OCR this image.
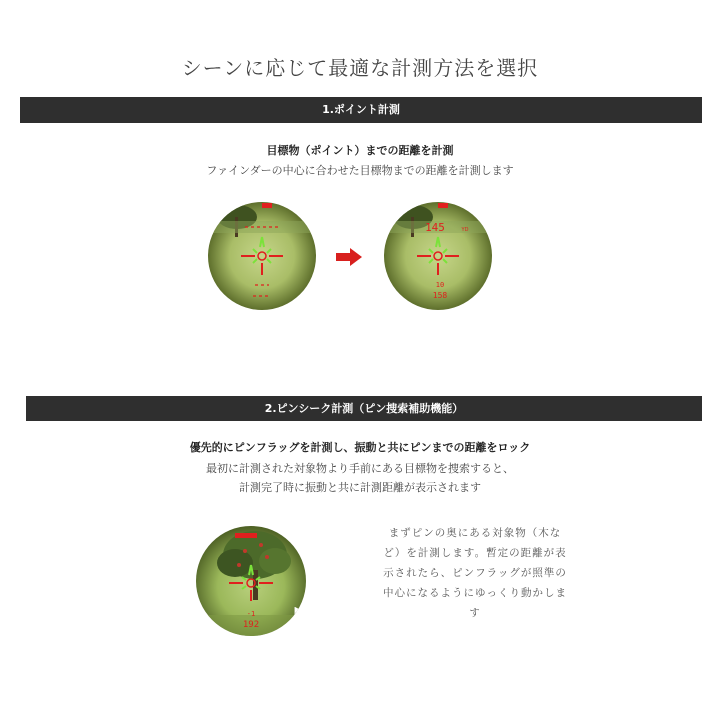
シーンに応じて最適な計測方法を選択
1.ポイント計測
目標物（ポイント）までの距離を計測
ファインダーの中心に合わせた目標物までの距離を計測します
145	YD
10
158
2.ピンシーク計測（ピン捜索補助機能）
優先的にピンフラッグを計測し、振動と共にピンまでの距離をロック
最初に計測された対象物より手前にある目標物を捜索すると、
計測完了時に振動と共に計測距離が表示されます
-1
192

まずピンの奥にある対象物（木な

ど）を計測します。暫定の距離が表

示されたら、ピンフラッグが照準の

中心になるようにゆっくり動かしま

す
